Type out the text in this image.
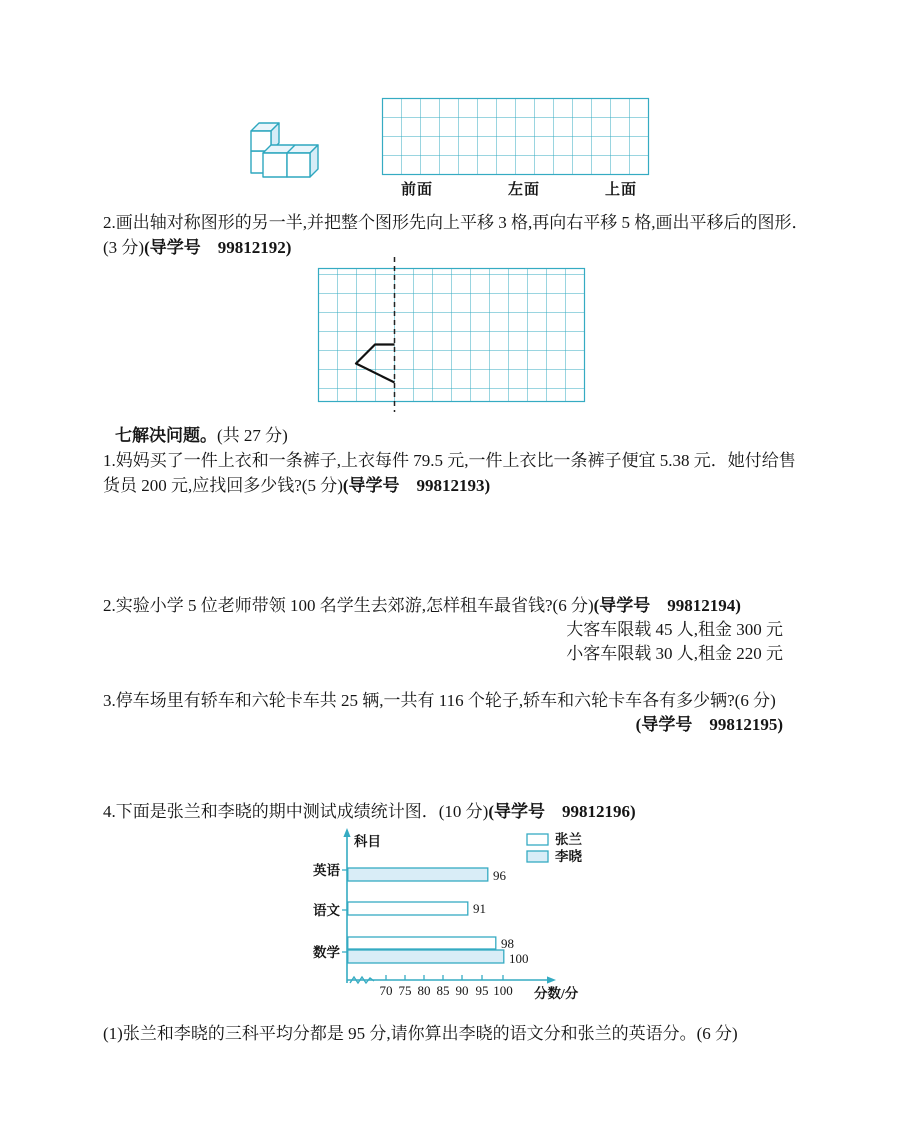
前面	左面	上面

2.画出轴对称图形的另一半,并把整个图形先向上平移 3 格,再向右平移 5 格,画出平移后的图形．

(3 分)(导学号　99812192)

七解决问题。(共 27 分)

1.妈妈买了一件上衣和一条裤子,上衣每件 79.5 元,一件上衣比一条裤子便宜 5.38 元．她付给售

货员 200 元,应找回多少钱?(5 分)(导学号　99812193)

2.实验小学 5 位老师带领 100 名学生去郊游,怎样租车最省钱?(6 分)(导学号　99812194)

大客车限载 45 人,租金 300 元

小客车限载 30 人,租金 220 元

3.停车场里有轿车和六轮卡车共 25 辆,一共有 116 个轮子,轿车和六轮卡车各有多少辆?(6 分)

(导学号　99812195)

4.下面是张兰和李晓的期中测试成绩统计图．(10 分)(导学号　99812196)

96
91
98
100
科目
分数/分
英语
语文
数学
70 75 80 85 90 95 100
张兰
李晓

(1)张兰和李晓的三科平均分都是 95 分,请你算出李晓的语文分和张兰的英语分。(6 分)
